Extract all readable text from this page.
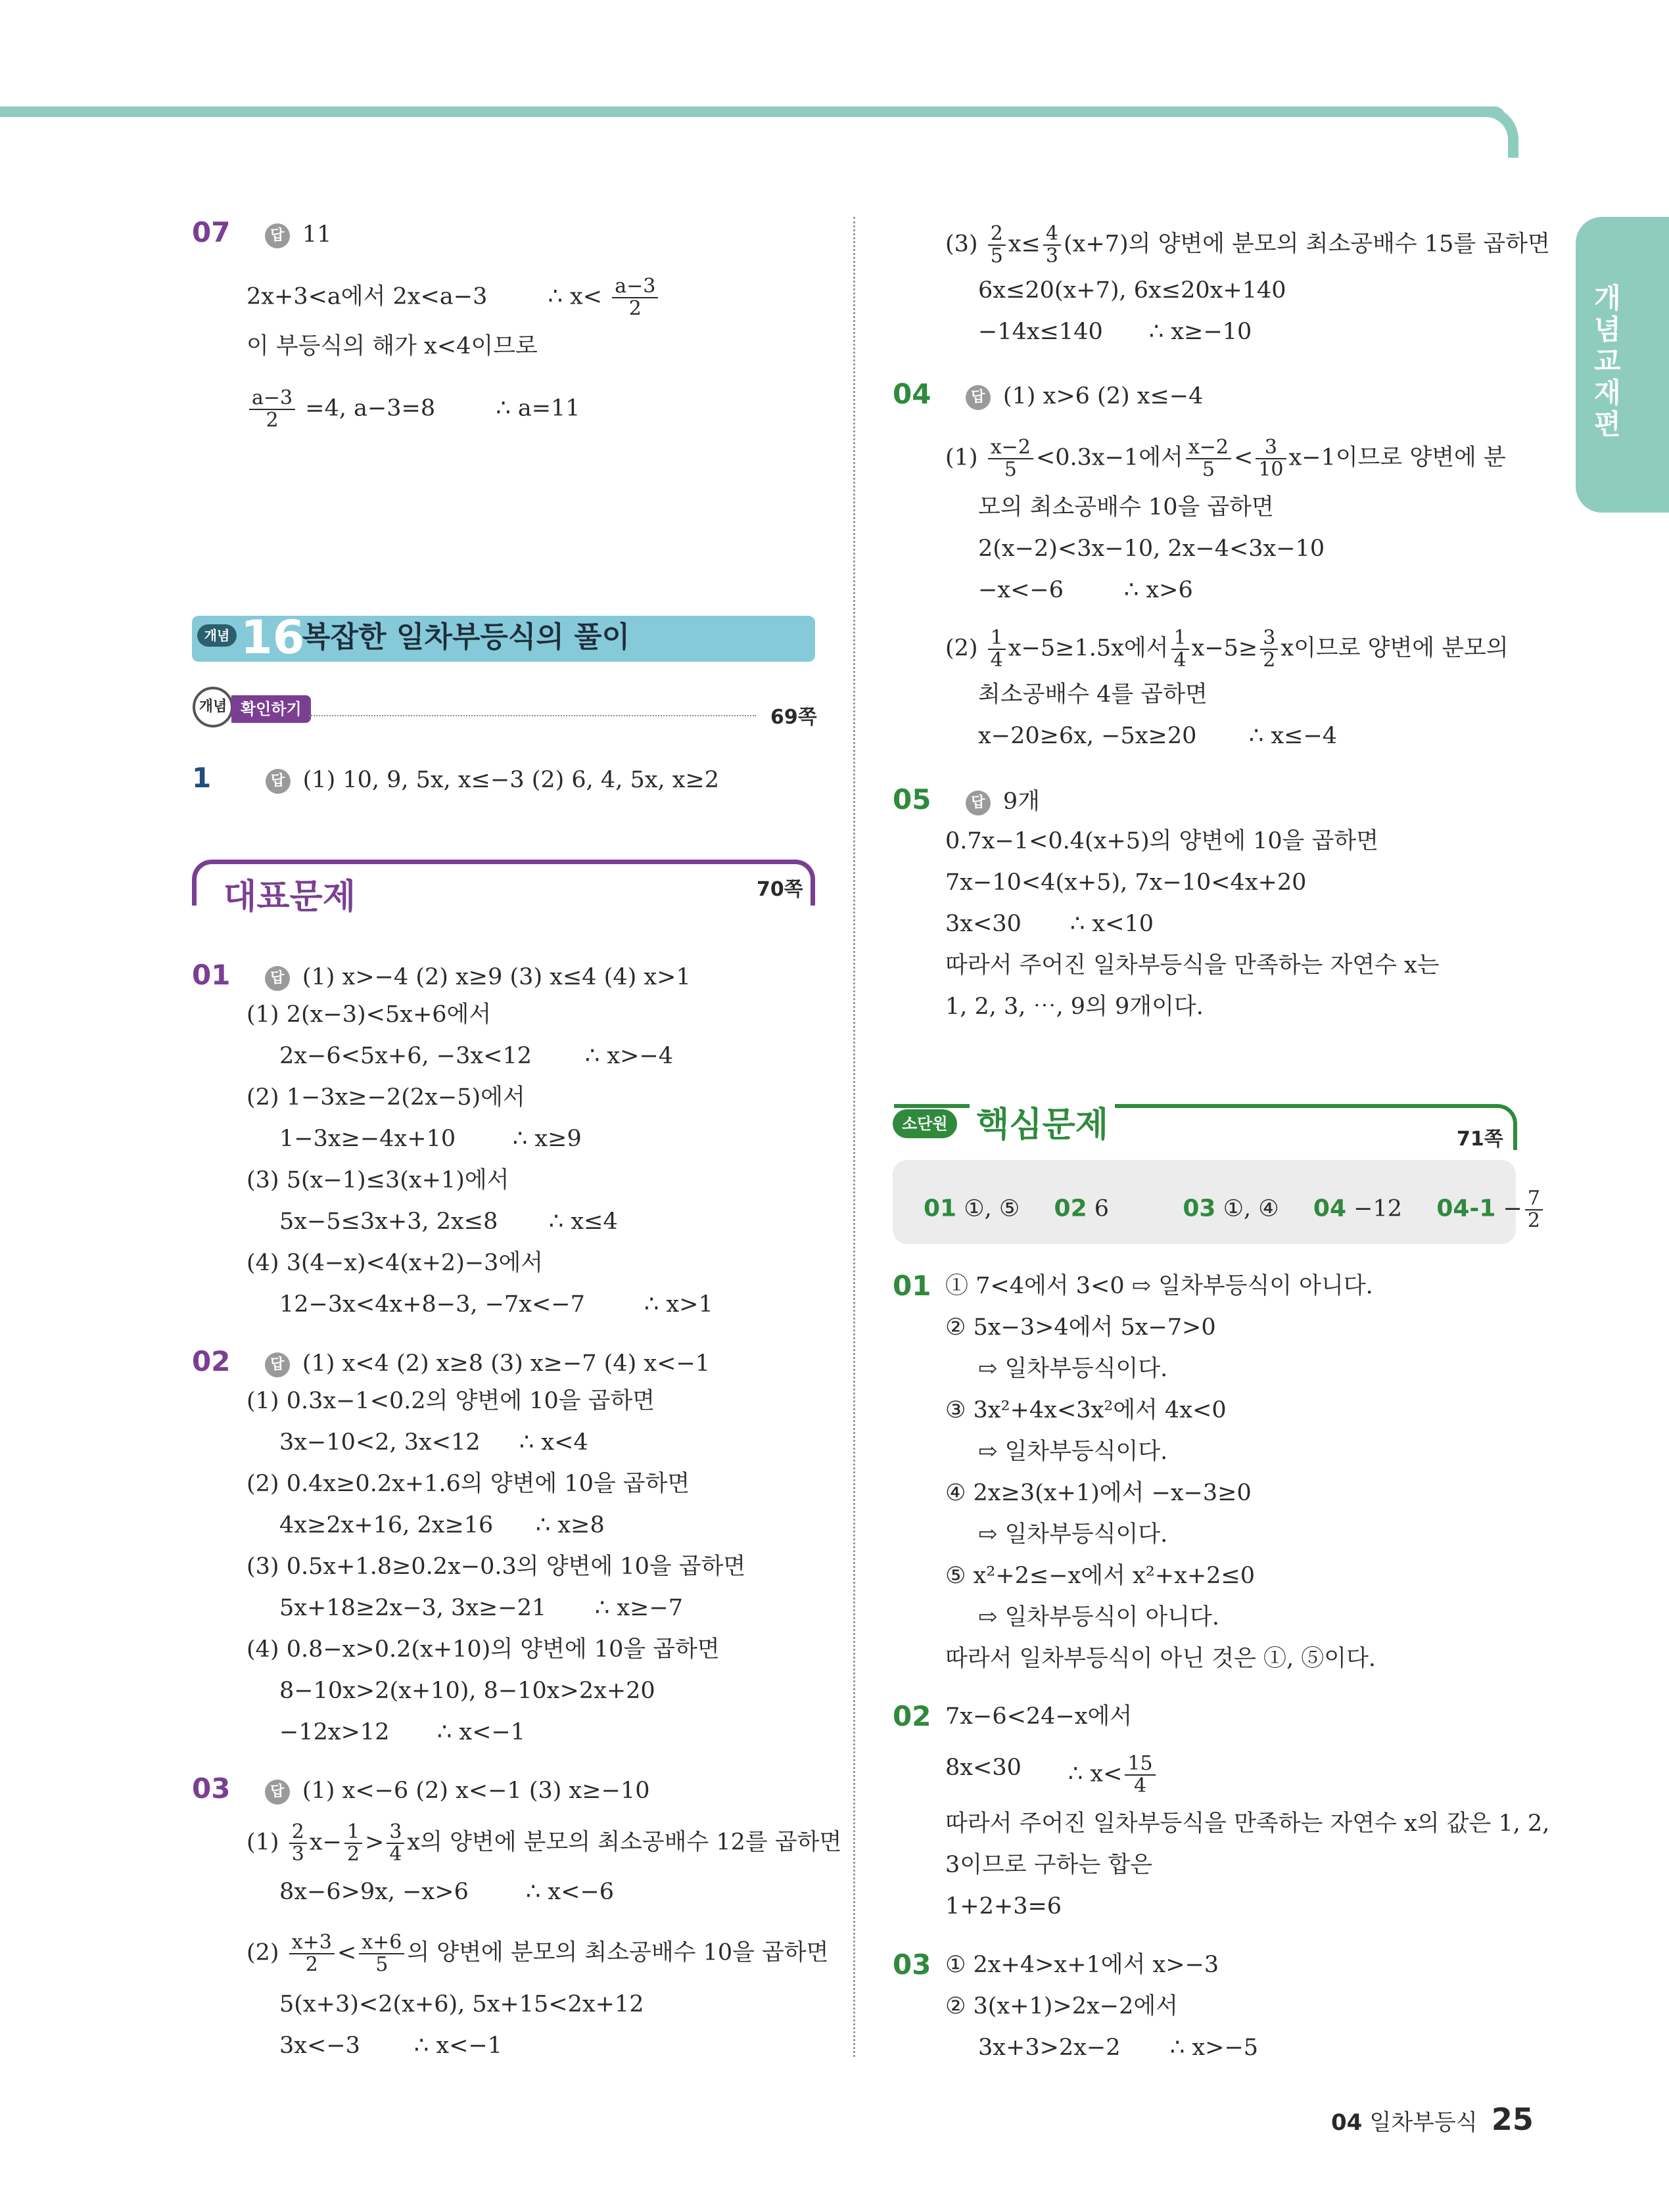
개념교재편
07	답 11
2x+3<a에서 2x<a−3	∴ $x< \frac{a-3}{2}$
이 부등식의 해가 x<4이므로
$\frac{a-3}{2} =4$, a−3=8	∴ a=11
개념 16
복잡한 일차부등식의 풀이
개념 확인하기	69쪽
1	답 (1) 10, 9, 5x, x≤−3 (2) 6, 4, 5x, x≥2
대표문제	70쪽
01	답 (1) x>−4 (2) x≥9 (3) x≤4 (4) x>1
(1) 2(x−3)<5x+6에서
2x−6<5x+6, −3x<12 ∴ x>−4
(2) 1−3x≥−2(2x−5)에서
1−3x≥−4x+10 ∴ x≥9
(3) 5(x−1)≤3(x+1)에서
5x−5≤3x+3, 2x≤8 ∴ x≤4
(4) 3(4−x)<4(x+2)−3에서
12−3x<4x+8−3, −7x<−7	∴ x>1
02	답 (1) x<4 (2) x≥8 (3) x≥−7 (4) x<−1
(1) 0.3x−1<0.2의 양변에 10을 곱하면
3x−10<2, 3x<12 ∴ x<4
(2) 0.4x≥0.2x+1.6의 양변에 10을 곱하면
4x≥2x+16, 2x≥16 ∴ x≥8
(3) 0.5x+1.8≥0.2x−0.3의 양변에 10을 곱하면
5x+18≥2x−3, 3x≥−21 ∴ x≥−7
(4) 0.8−x>0.2(x+10)의 양변에 10을 곱하면
8−10x>2(x+10), 8−10x>2x+20
−12x>12 ∴ x<−1
03	답 (1) x<−6 (2) x<−1 (3) x≥−10
$(1) \frac{2}{3} x- \frac{1}{2} > \frac{3}{4}$ x의 양변에 분모의 최소공배수 12를 곱하면
8x−6>9x, −x>6 ∴ x<−6
$(2) \frac{x+3}{2} < \frac{x+6}{5}$ 의 양변에 분모의 최소공배수 10을 곱하면
5(x+3)<2(x+6), 5x+15<2x+12
3x<−3 ∴ x<−1
$(3) \frac{2}{5} x\le \frac{4}{3} (x+7)$의 양변에 분모의 최소공배수 15를 곱하면
6x≤20(x+7), 6x≤20x+140
−14x≤140 ∴ x≥−10
04	답 (1) x>6 (2) x≤−4
$(1) \frac{x-2}{5} <0.3x-1$에서 $\frac{x-2}{5} < \frac{3}{10} x-1$이므로 양변에 분
모의 최소공배수 10을 곱하면
2(x−2)<3x−10, 2x−4<3x−10
−x<−6	∴ x>6
$(2) \frac{1}{4} x-5\ge 1.5x$에서 $\frac{1}{4} x-5\ge \frac{3}{2}$ x이므로 양변에 분모의
최소공배수 4를 곱하면
x−20≥6x, −5x≥20 ∴ x≤−4
05	답 9개
0.7x−1<0.4(x+5)의 양변에 10을 곱하면
7x−10<4(x+5), 7x−10<4x+20
3x<30 ∴ x<10
따라서 주어진 일차부등식을 만족하는 자연수 x는
1, 2, 3, ⋯, 9의 9개이다.
소단원 핵심문제	71쪽
01 ①, ⑤ 02 6	03 ①, ④ 04 −12 $04-1 - \frac{7}{2}$
01 ① 7<4에서 3<0 ⇨ 일차부등식이 아니다.
② 5x−3>4에서 5x−7>0
⇨ 일차부등식이다.
③ 3x²+4x<3x²에서 4x<0
⇨ 일차부등식이다.
④ 2x≥3(x+1)에서 −x−3≥0
⇨ 일차부등식이다.
⑤ x²+2≤−x에서 x²+x+2≤0
⇨ 일차부등식이 아니다.
따라서 일차부등식이 아닌 것은 ①, ⑤이다.
02 7x−6<24−x에서
8x<30 ∴ $x< \frac{15}{4}$
따라서 주어진 일차부등식을 만족하는 자연수 x의 값은 1, 2,
3이므로 구하는 합은
1+2+3=6
03 ① 2x+4>x+1에서 x>−3
② 3(x+1)>2x−2에서
3x+3>2x−2 ∴ x>−5
04 일차부등식 25
